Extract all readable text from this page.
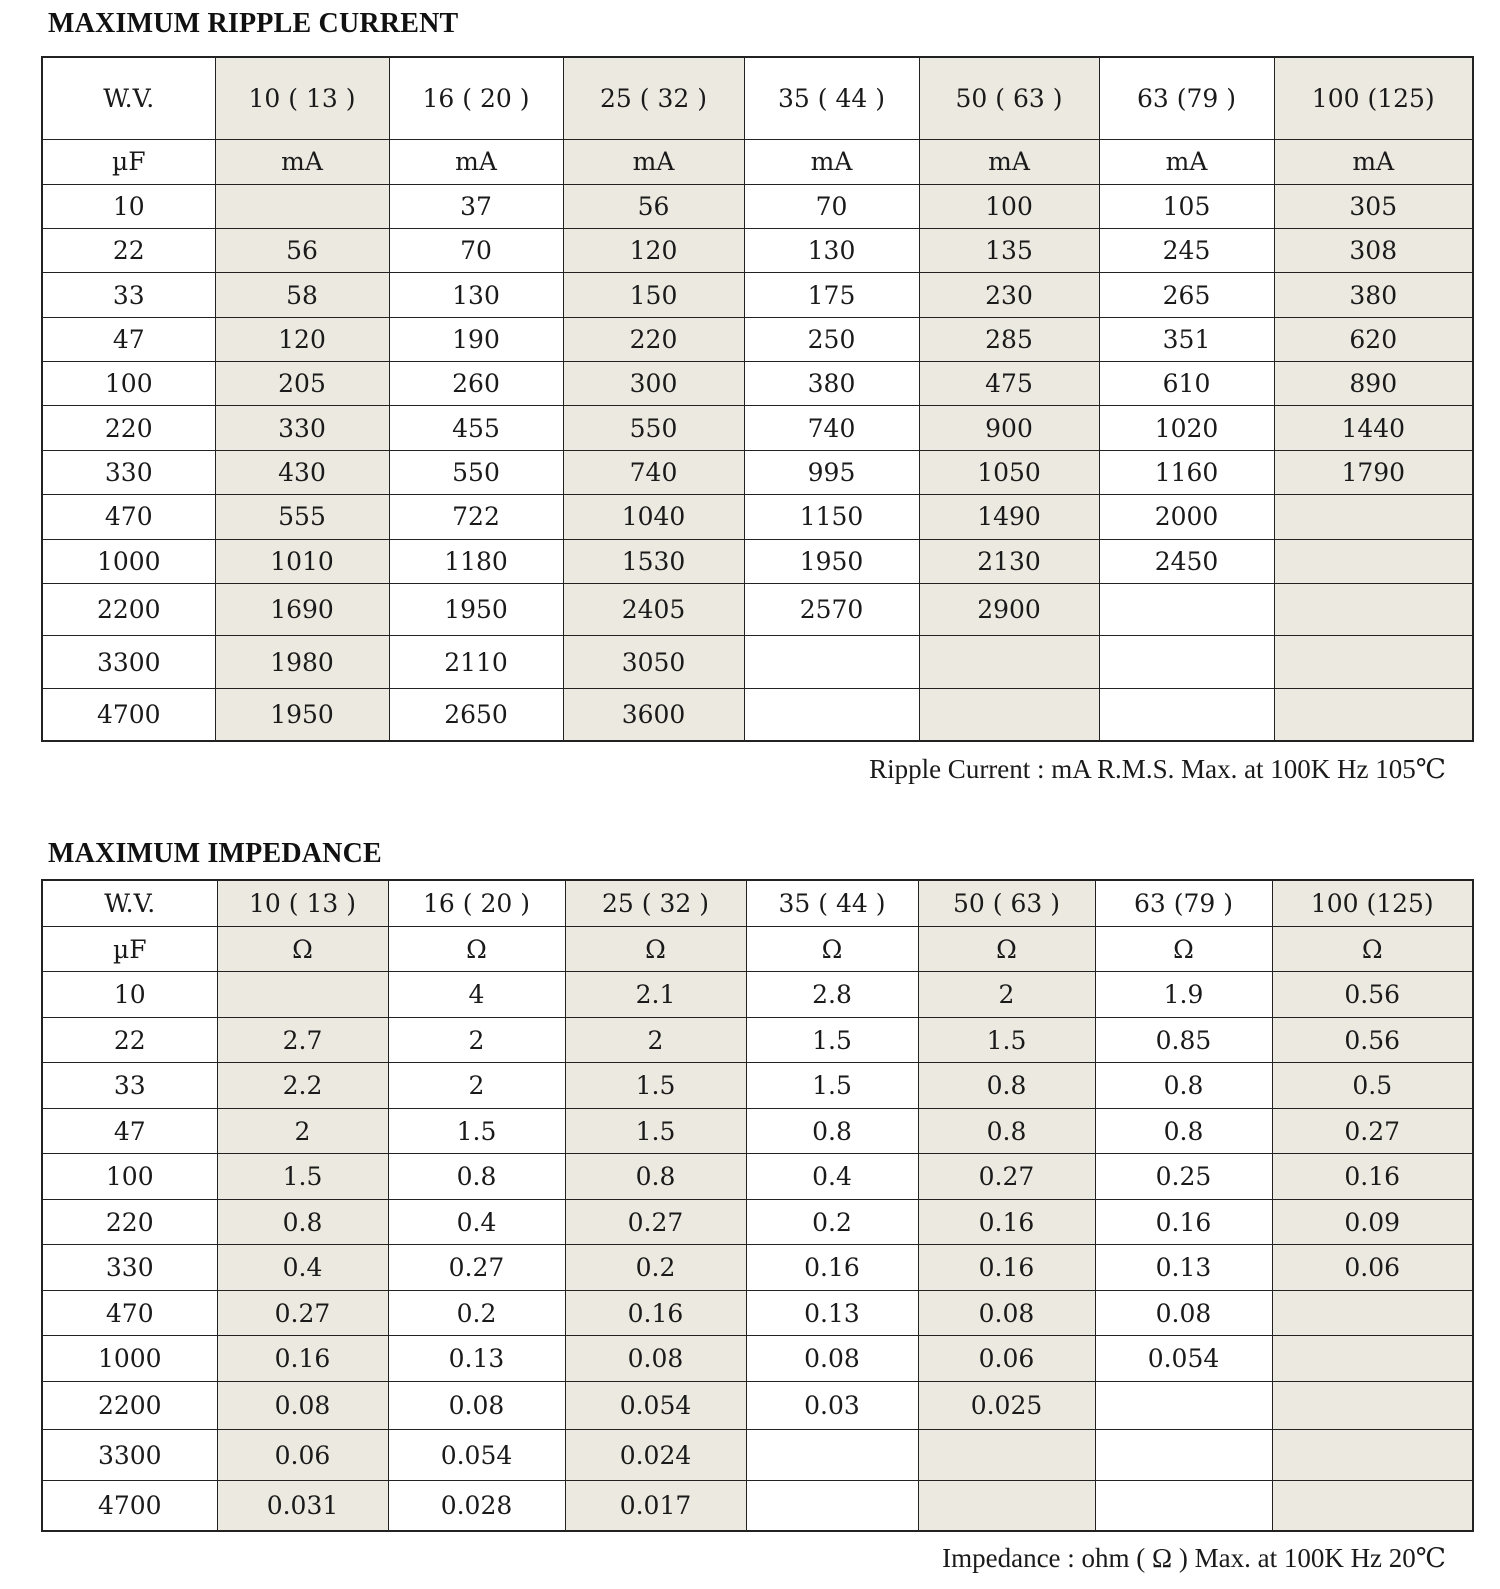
MAXIMUM RIPPLE CURRENT
W.V.	10 ( 13 )	16 ( 20 )	25 ( 32 )	35 ( 44 )	50 ( 63 )	63 (79 )	100 (125)
µF	mA	mA	mA	mA	mA	mA	mA
10		37	56	70	100	105	305
22	56	70	120	130	135	245	308
33	58	130	150	175	230	265	380
47	120	190	220	250	285	351	620
100	205	260	300	380	475	610	890
220	330	455	550	740	900	1020	1440
330	430	550	740	995	1050	1160	1790
470	555	722	1040	1150	1490	2000	
1000	1010	1180	1530	1950	2130	2450	
2200	1690	1950	2405	2570	2900		
3300	1980	2110	3050				
4700	1950	2650	3600				
Ripple Current : mA R.M.S. Max. at 100K Hz 105℃
MAXIMUM IMPEDANCE
W.V.	10 ( 13 )	16 ( 20 )	25 ( 32 )	35 ( 44 )	50 ( 63 )	63 (79 )	100 (125)
µF	Ω	Ω	Ω	Ω	Ω	Ω	Ω
10		4	2.1	2.8	2	1.9	0.56
22	2.7	2	2	1.5	1.5	0.85	0.56
33	2.2	2	1.5	1.5	0.8	0.8	0.5
47	2	1.5	1.5	0.8	0.8	0.8	0.27
100	1.5	0.8	0.8	0.4	0.27	0.25	0.16
220	0.8	0.4	0.27	0.2	0.16	0.16	0.09
330	0.4	0.27	0.2	0.16	0.16	0.13	0.06
470	0.27	0.2	0.16	0.13	0.08	0.08	
1000	0.16	0.13	0.08	0.08	0.06	0.054	
2200	0.08	0.08	0.054	0.03	0.025		
3300	0.06	0.054	0.024				
4700	0.031	0.028	0.017				
Impedance : ohm ( Ω ) Max. at 100K Hz 20℃
